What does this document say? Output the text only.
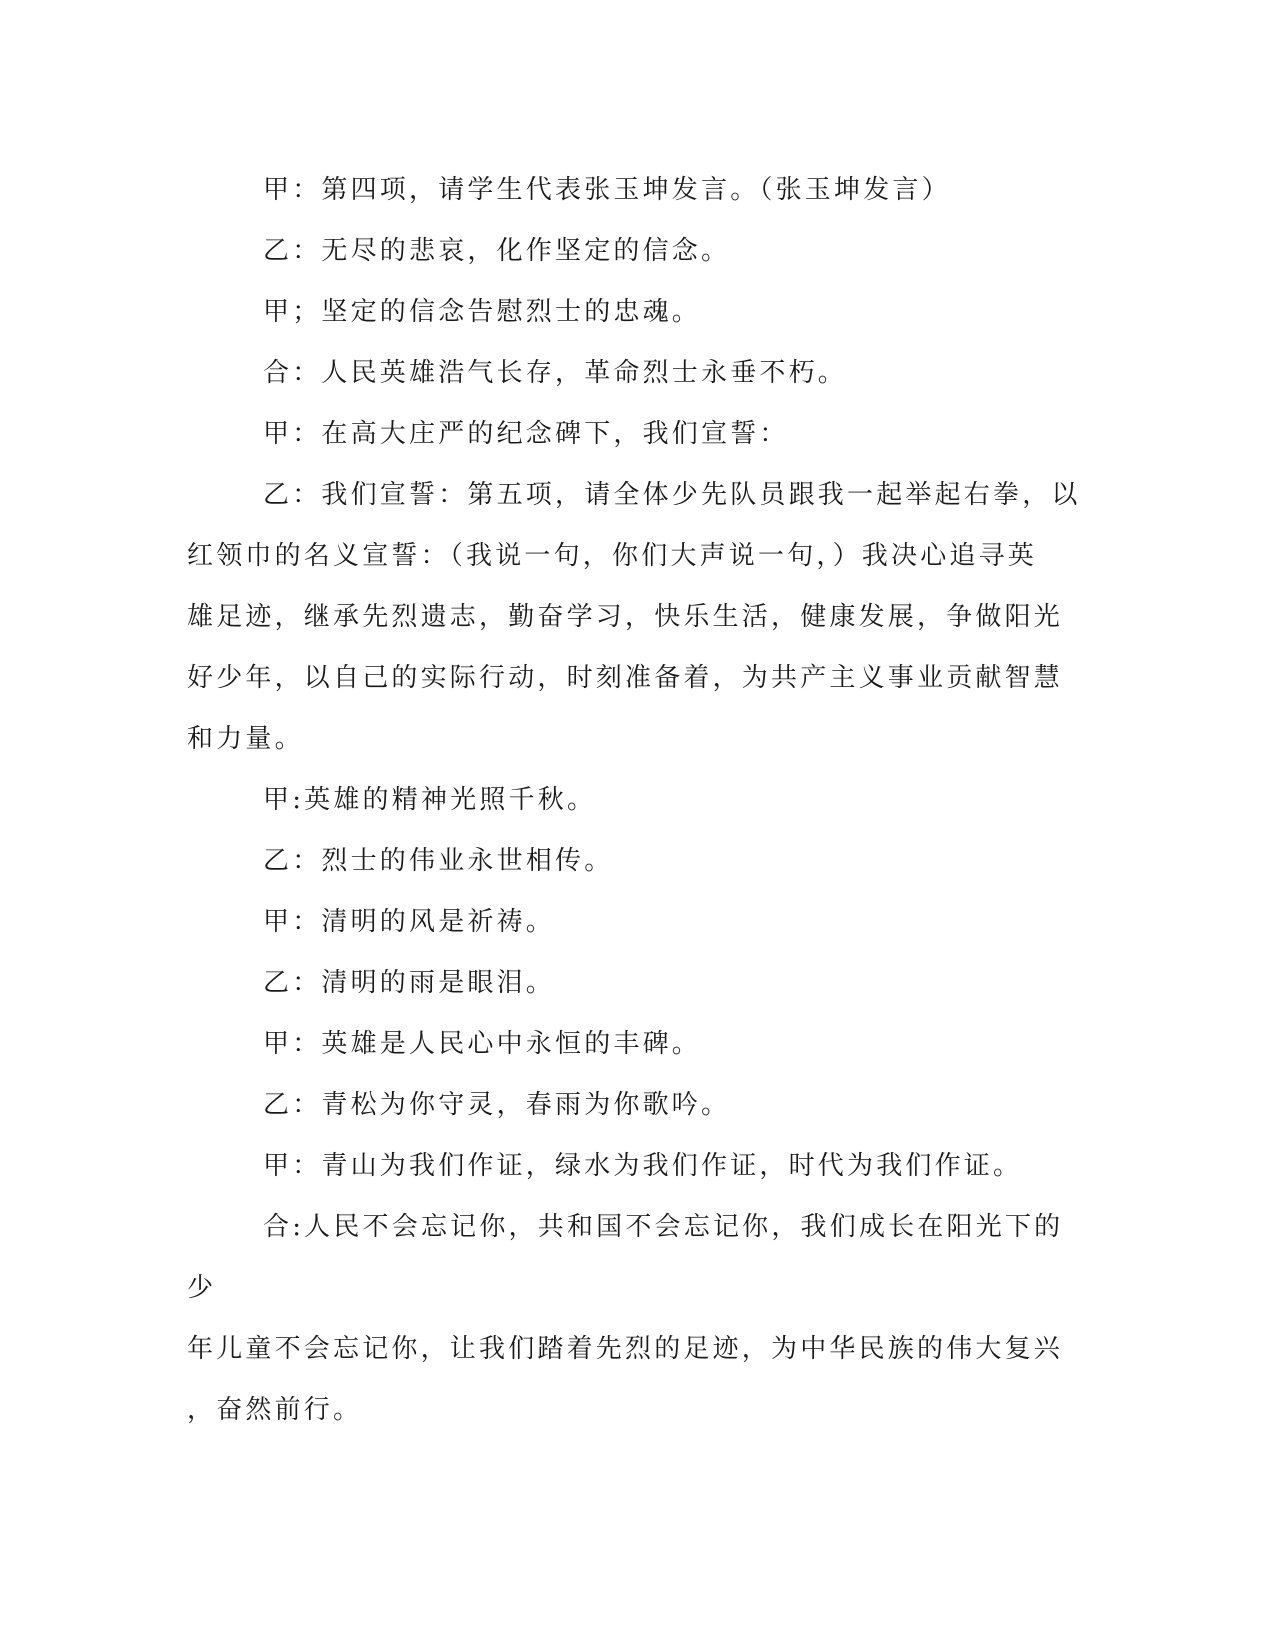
甲：第四项，请学生代表张玉坤发言。（张玉坤发言）

乙：无尽的悲哀，化作坚定的信念。

甲；坚定的信念告慰烈士的忠魂。

合：人民英雄浩气长存，革命烈士永垂不朽。

甲：在高大庄严的纪念碑下，我们宣誓：

乙：我们宣誓：第五项，请全体少先队员跟我一起举起右拳，以
红领巾的名义宣誓：（我说一句，你们大声说一句，）我决心追寻英
雄足迹，继承先烈遗志，勤奋学习，快乐生活，健康发展，争做阳光
好少年，以自己的实际行动，时刻准备着，为共产主义事业贡献智慧
和力量。

甲:英雄的精神光照千秋。

乙：烈士的伟业永世相传。

甲：清明的风是祈祷。

乙：清明的雨是眼泪。

甲：英雄是人民心中永恒的丰碑。

乙：青松为你守灵，春雨为你歌吟。

甲：青山为我们作证，绿水为我们作证，时代为我们作证。

合:人民不会忘记你，共和国不会忘记你，我们成长在阳光下的少
年儿童不会忘记你，让我们踏着先烈的足迹，为中华民族的伟大复兴
，奋然前行。
